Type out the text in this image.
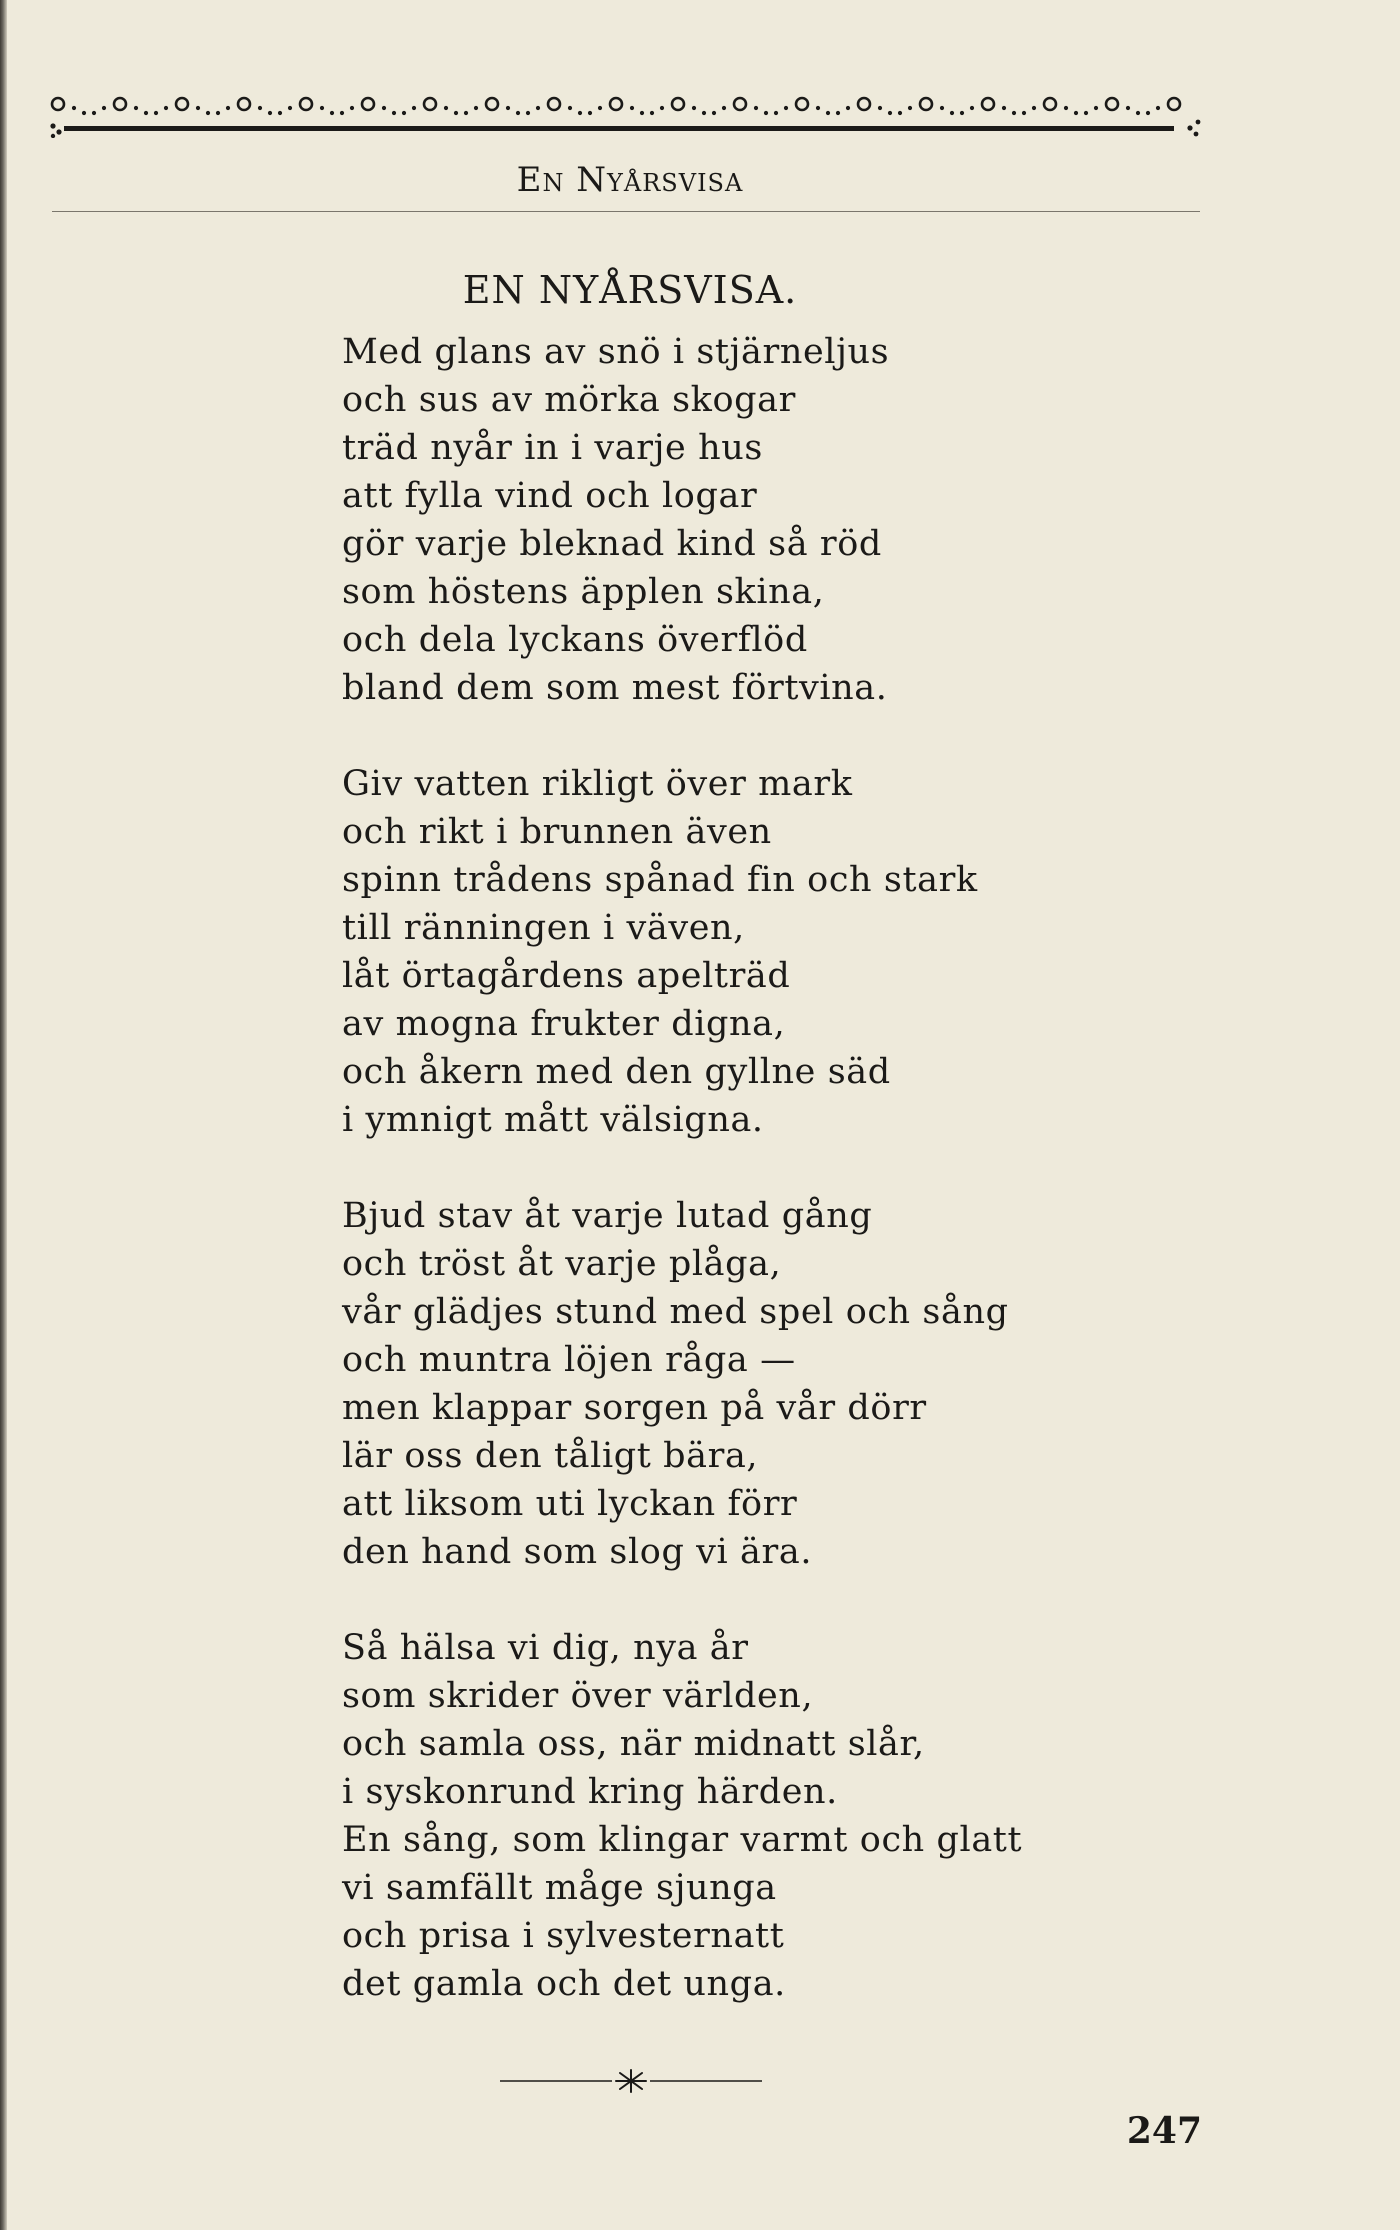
En Nyårsvisa
EN NYÅRSVISA.
Med glans av snö i stjärneljus
och sus av mörka skogar
träd nyår in i varje hus
att fylla vind och logar
gör varje bleknad kind så röd
som höstens äpplen skina,
och dela lyckans överflöd
bland dem som mest förtvina.
Giv vatten rikligt över mark
och rikt i brunnen även
spinn trådens spånad fin och stark
till ränningen i väven,
låt örtagårdens apelträd
av mogna frukter digna,
och åkern med den gyllne säd
i ymnigt mått välsigna.
Bjud stav åt varje lutad gång
och tröst åt varje plåga,
vår glädjes stund med spel och sång
och muntra löjen råga —
men klappar sorgen på vår dörr
lär oss den tåligt bära,
att liksom uti lyckan förr
den hand som slog vi ära.
Så hälsa vi dig, nya år
som skrider över världen,
och samla oss, när midnatt slår,
i syskonrund kring härden.
En sång, som klingar varmt och glatt
vi samfällt måge sjunga
och prisa i sylvesternatt
det gamla och det unga.
247
